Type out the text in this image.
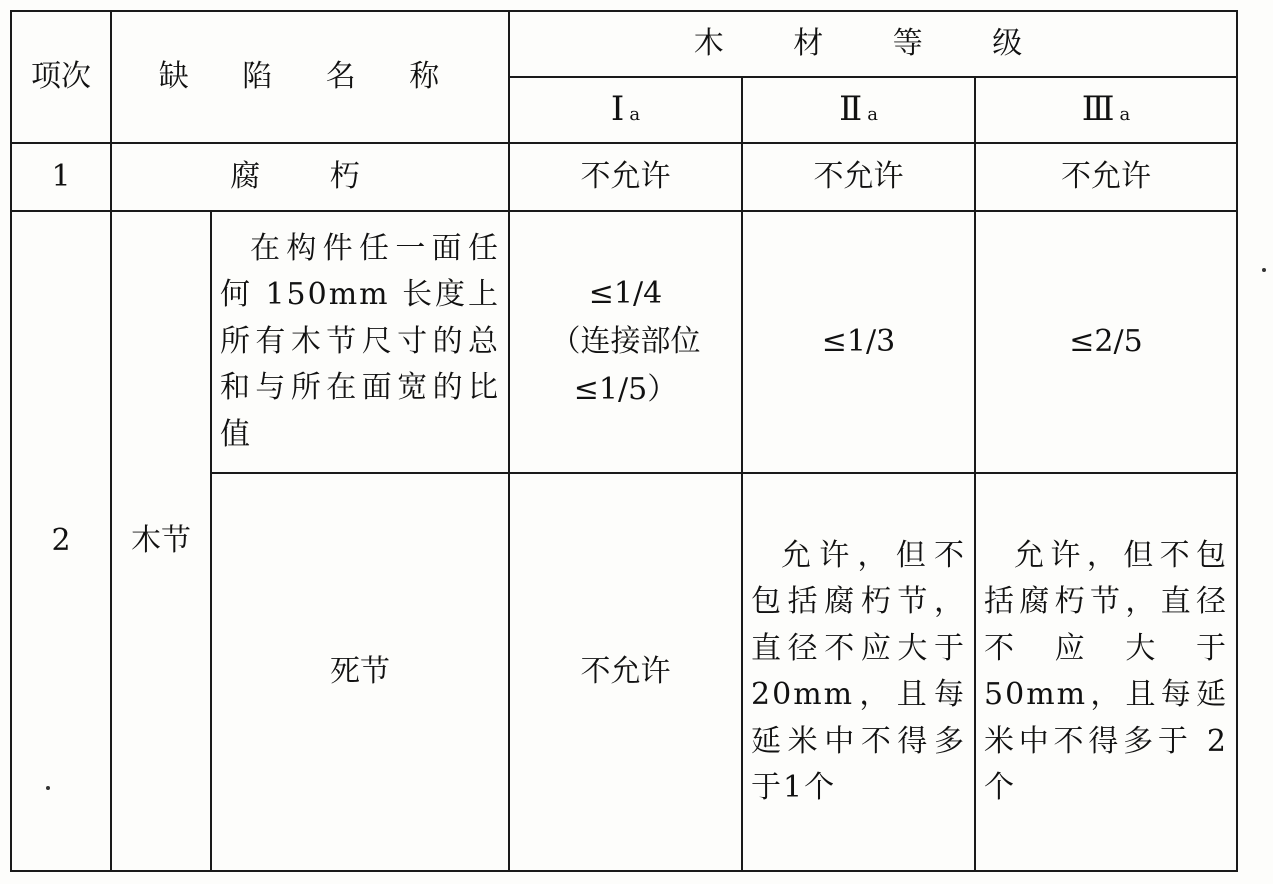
项次	缺 陷 名 称		木 材 等 级		
			Ⅰ a	Ⅱ a	Ⅲ a
1	腐 朽		不允许	不允许	不允许
2	木节	在构件任一面任何 150mm 长度上所有木节尺寸的总和与所在面宽的比值	≤1/4
（连接部位
≤1/5）	≤1/3	≤2/5
		死节	不允许	允许，但不包括腐朽节，直径不应大于20mm，且每延米中不得多于1个	允许，但不包括腐朽节，直径不应大于 50mm，且每延米中不得多于 2 个
